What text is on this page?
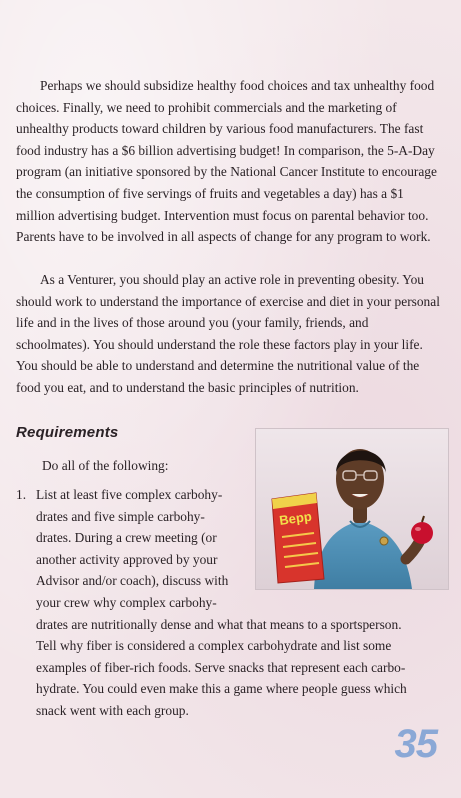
Perhaps we should subsidize healthy food choices and tax unhealthy food choices. Finally, we need to prohibit commercials and the marketing of unhealthy products toward children by various food manufacturers. The fast food industry has a $6 billion advertising budget! In comparison, the 5-A-Day program (an initiative sponsored by the National Cancer Institute to encourage the consumption of five servings of fruits and vegetables a day) has a $1 million advertising budget. Intervention must focus on parental behavior too. Parents have to be involved in all aspects of change for any program to work.

As a Venturer, you should play an active role in preventing obesity. You should work to understand the importance of exercise and diet in your personal life and in the lives of those around you (your family, friends, and schoolmates). You should understand the role these factors play in your life. You should be able to understand and determine the nutritional value of the food you eat, and to understand the basic principles of nutrition.

Requirements

Do all of the following:

1. List at least five complex carbohy-
drates and five simple carbohy-
drates. During a crew meeting (or
another activity approved by your
Advisor and/or coach), discuss with
your crew why complex carbohy-
drates are nutritionally dense and what that means to a sportsperson.
Tell why fiber is considered a complex carbohydrate and list some
examples of fiber-rich foods. Serve snacks that represent each carbo-
hydrate. You could even make this a game where people guess which
snack went with each group.
Bepp
35
